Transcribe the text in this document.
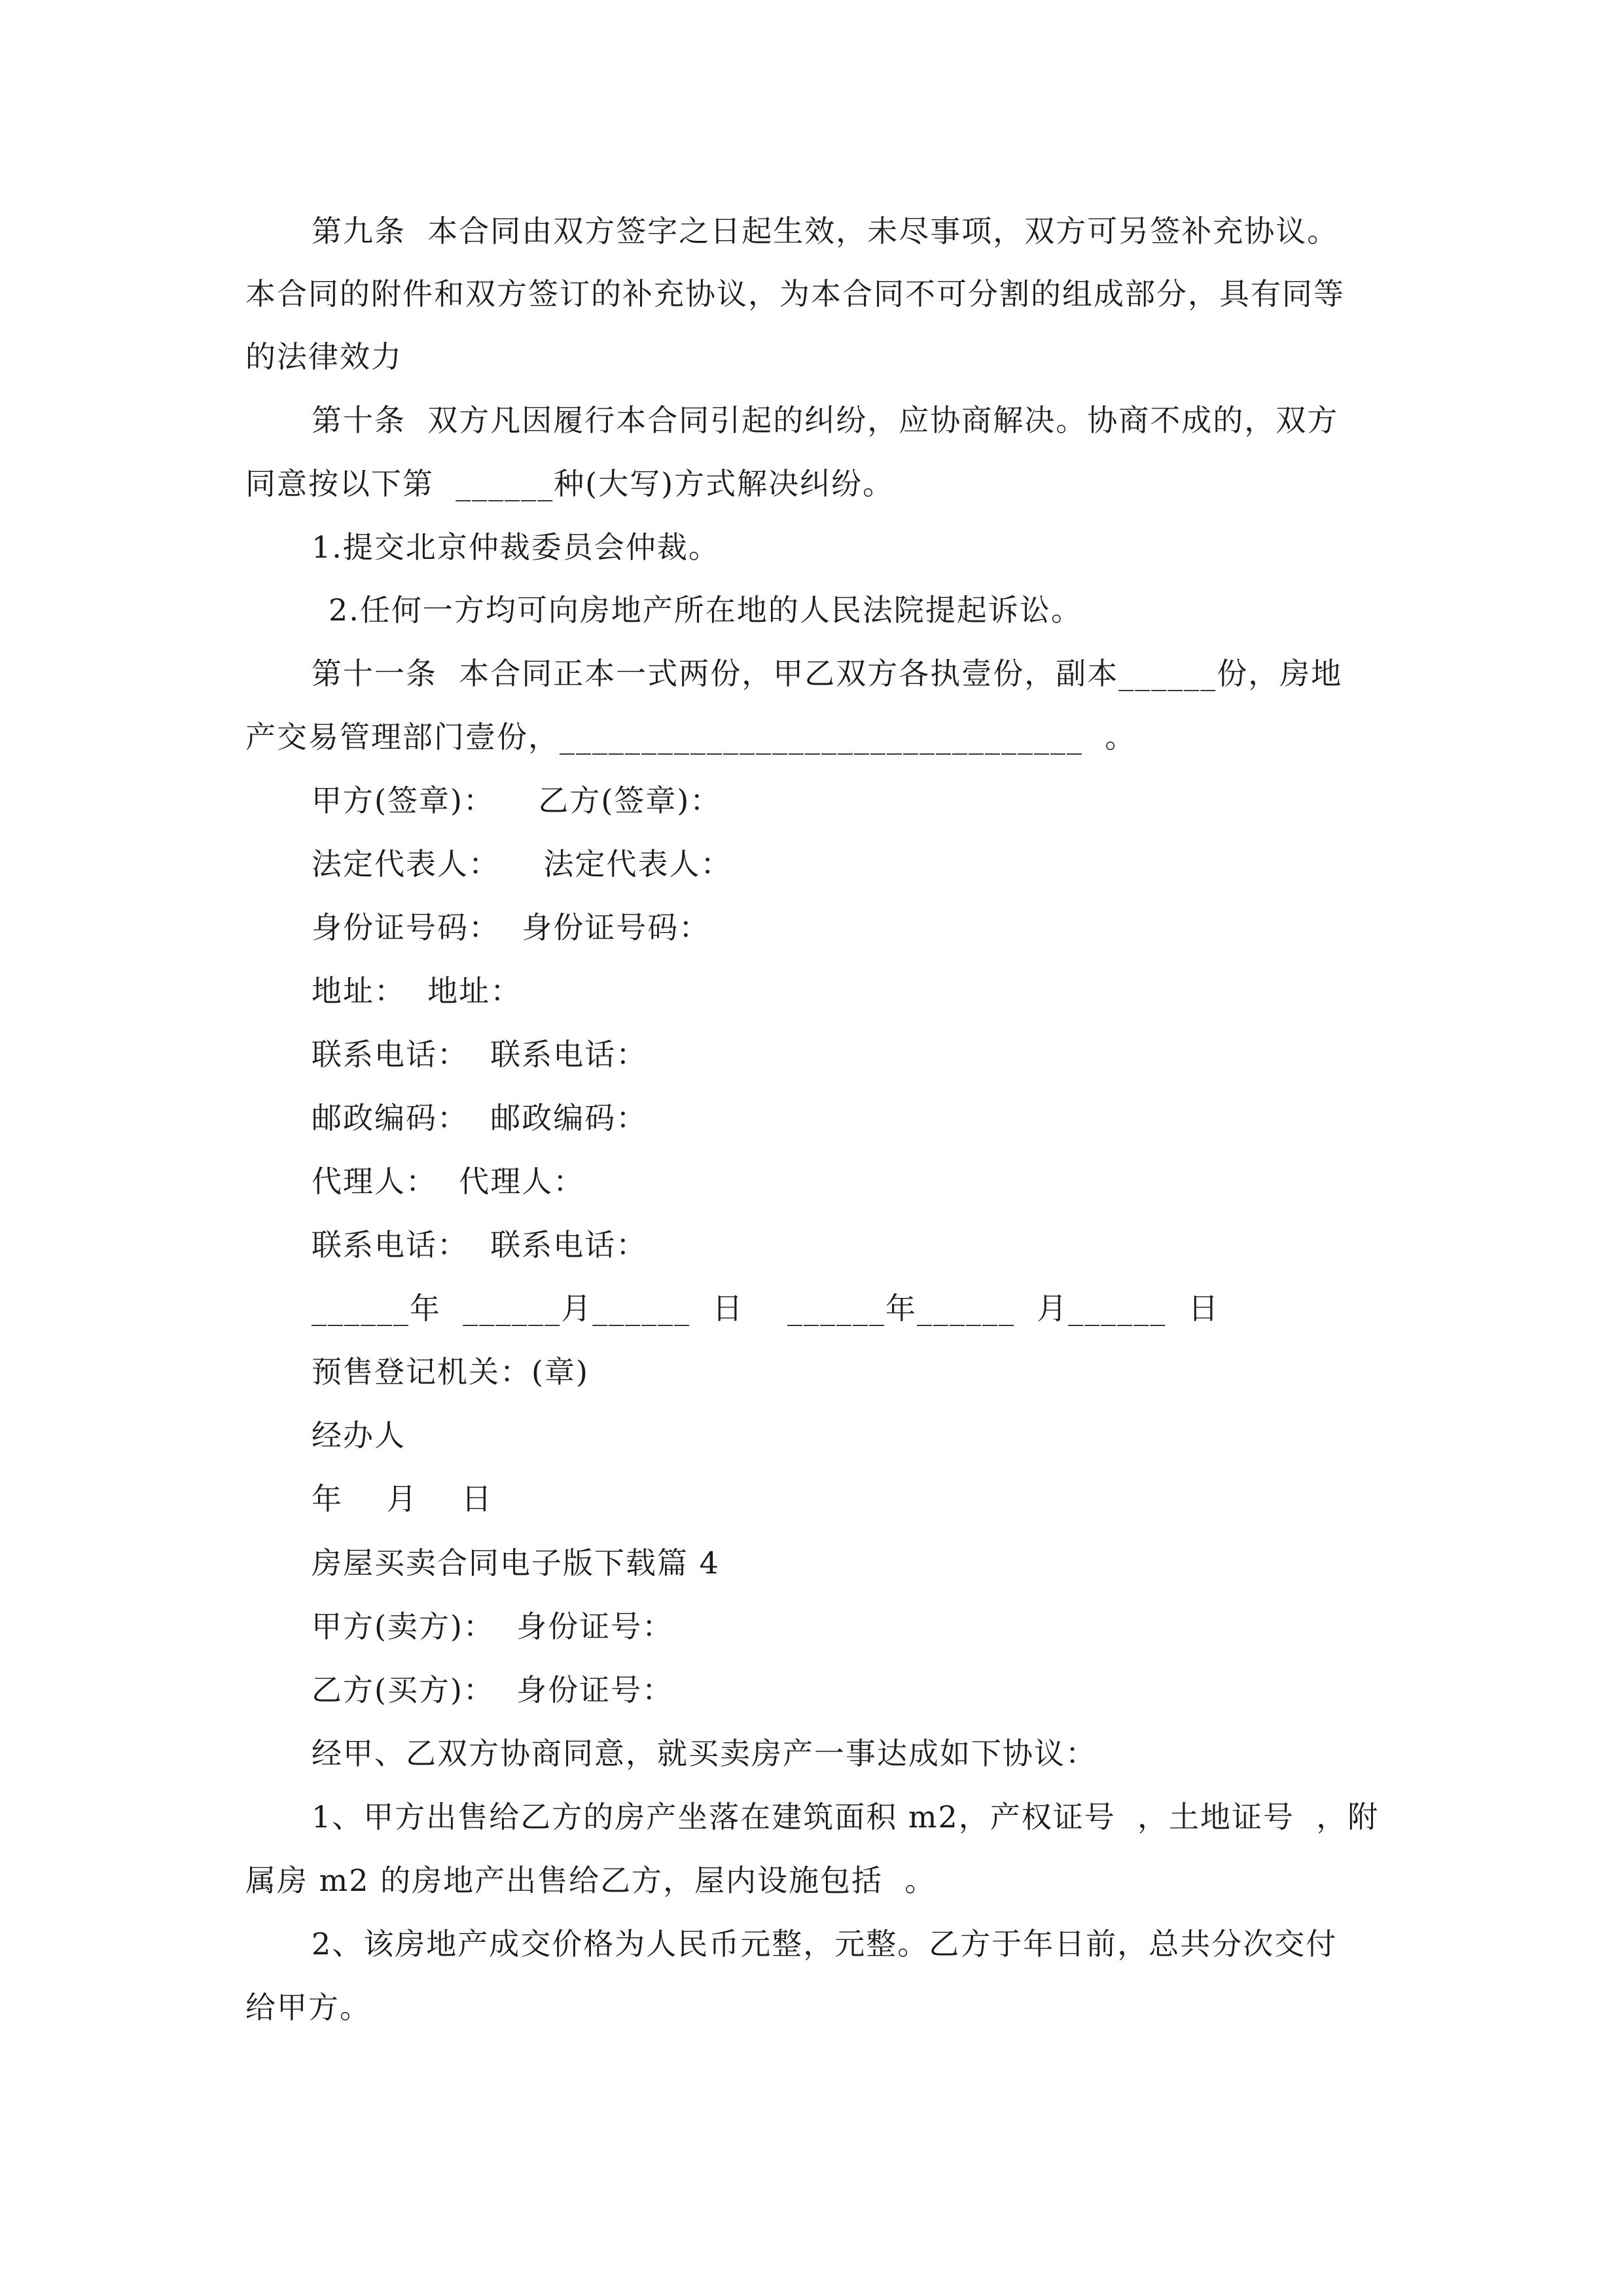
第九条  本合同由双方签字之日起生效，未尽事项，双方可另签补充协议。
本合同的附件和双方签订的补充协议，为本合同不可分割的组成部分，具有同等
的法律效力
第十条  双方凡因履行本合同引起的纠纷，应协商解决。协商不成的，双方
同意按以下第  ______种(大写)方式解决纠纷。
1.提交北京仲裁委员会仲裁。
2.任何一方均可向房地产所在地的人民法院提起诉讼。
第十一条  本合同正本一式两份，甲乙双方各执壹份，副本______份，房地
产交易管理部门壹份，________________________________  。
甲方(签章)：    乙方(签章)：
法定代表人：    法定代表人：
身份证号码：  身份证号码：
地址：  地址：
联系电话：  联系电话：
邮政编码：  邮政编码：
代理人：  代理人：
联系电话：  联系电话：
______年  ______月______  日    ______年______  月______  日
预售登记机关：(章)
经办人
年    月    日
房屋买卖合同电子版下载篇 4
甲方(卖方)：  身份证号：
乙方(买方)：  身份证号：
经甲、乙双方协商同意，就买卖房产一事达成如下协议：
1、甲方出售给乙方的房产坐落在建筑面积 m2，产权证号  ，土地证号  ，附
属房 m2 的房地产出售给乙方，屋内设施包括  。
2、该房地产成交价格为人民币元整，元整。乙方于年日前，总共分次交付
给甲方。
